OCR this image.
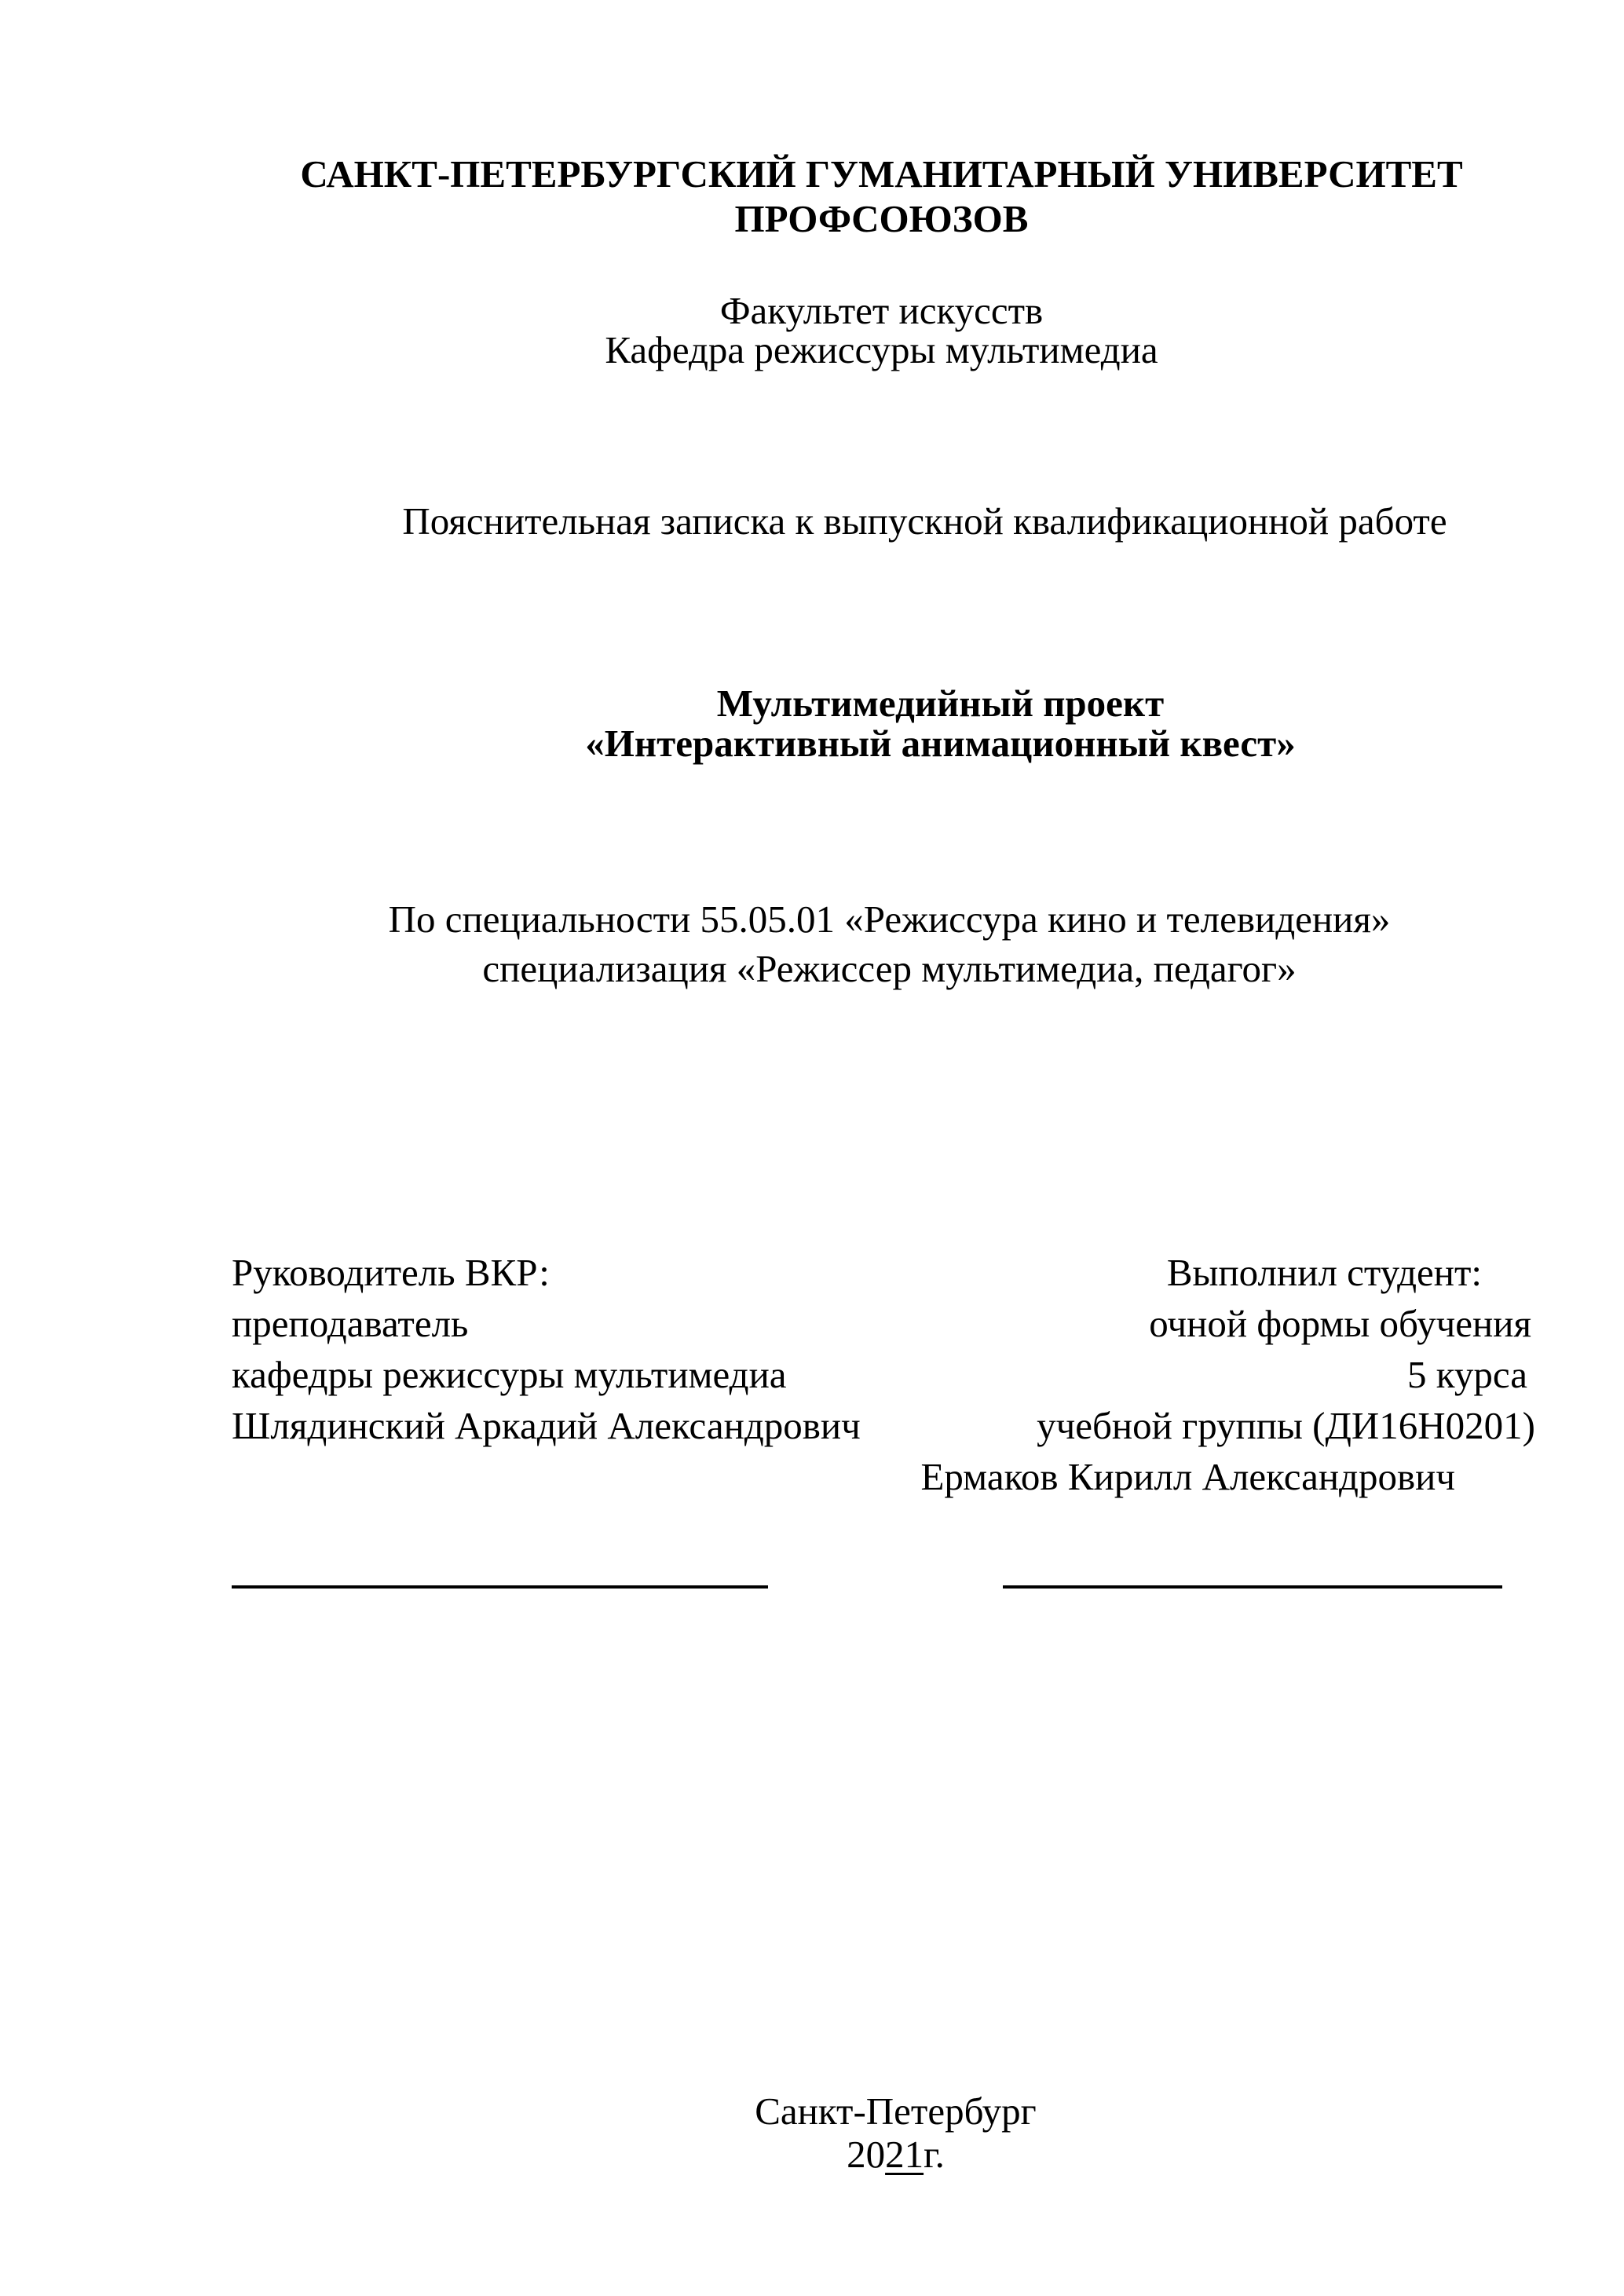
САНКТ-ПЕТЕРБУРГСКИЙ ГУМАНИТАРНЫЙ УНИВЕРСИТЕТ
ПРОФСОЮЗОВ
Факультет искусств
Кафедра режиссуры мультимедиа
Пояснительная записка к выпускной квалификационной работе
Мультимедийный проект
«Интерактивный анимационный квест»
По специальности 55.05.01 «Режиссура кино и телевидения»
специализация «Режиссер мультимедиа, педагог»
Руководитель ВКР:
преподаватель
кафедры режиссуры мультимедиа
Шлядинский Аркадий Александрович
Выполнил студент:
очной формы обучения
5 курса
учебной группы (ДИ16Н0201)
Ермаков Кирилл Александрович
Санкт-Петербург
2021г.
